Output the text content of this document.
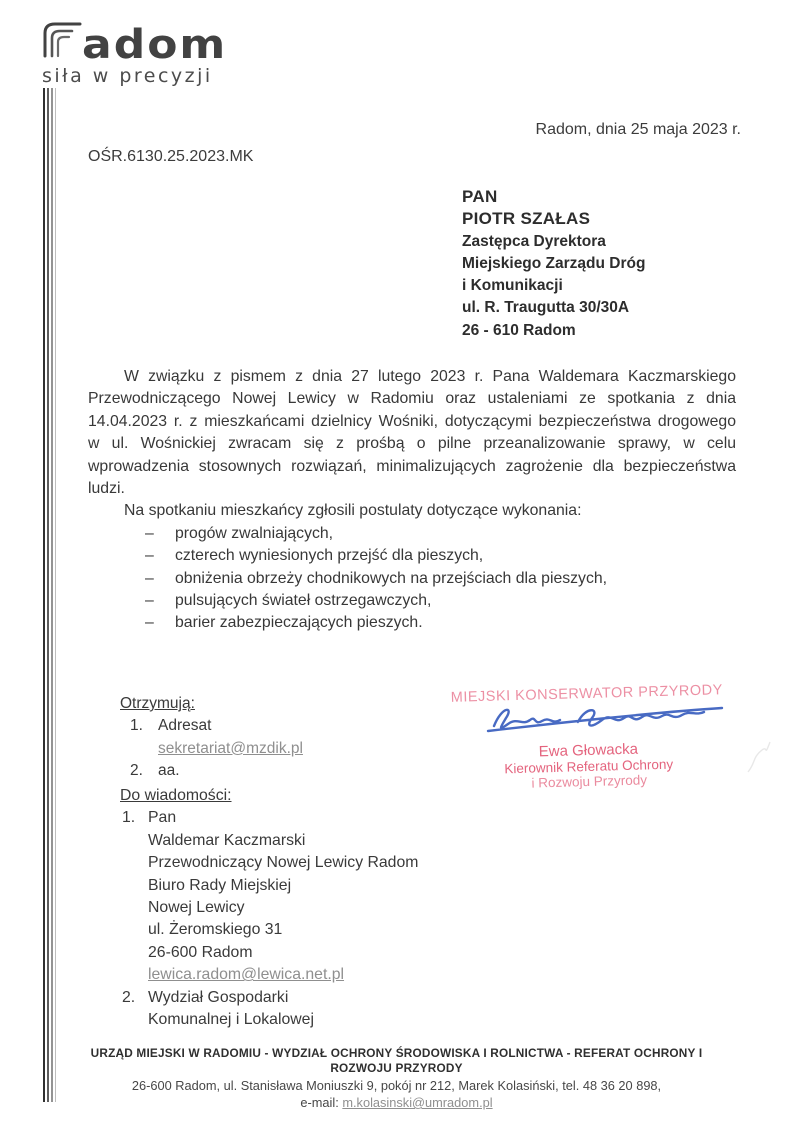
adom
siła w precyzji
Radom, dnia 25 maja 2023 r.
OŚR.6130.25.2023.MK
PAN
PIOTR SZAŁAS
Zastępca Dyrektora
Miejskiego Zarządu Dróg
i Komunikacji
ul. R. Traugutta 30/30A
26 - 610 Radom

W związku z pismem z dnia 27 lutego 2023 r. Pana Waldemara Kaczmarskiego Przewodniczącego Nowej Lewicy w Radomiu oraz ustaleniami ze spotkania z dnia 14.04.2023 r. z mieszkańcami dzielnicy Wośniki, dotyczącymi bezpieczeństwa drogowego w ul. Wośnickiej zwracam się z prośbą o pilne przeanalizowanie sprawy, w celu wprowadzenia stosownych rozwiązań, minimalizujących zagrożenie dla bezpieczeństwa ludzi.

Na spotkaniu mieszkańcy zgłosili postulaty dotyczące wykonania:

–	progów zwalniających,
–	czterech wyniesionych przejść dla pieszych,
–	obniżenia obrzeży chodnikowych na przejściach dla pieszych,
–	pulsujących świateł ostrzegawczych,
–	barier zabezpieczających pieszych.
Otrzymują:
1. Adresat
sekretariat@mzdik.pl
2. aa.
MIEJSKI KONSERWATOR PRZYRODY
Ewa Głowacka
Kierownik Referatu Ochrony
i Rozwoju Przyrody
Do wiadomości:
1. Pan
Waldemar Kaczmarski
Przewodniczący Nowej Lewicy Radom
Biuro Rady Miejskiej
Nowej Lewicy
ul. Żeromskiego 31
26-600 Radom
lewica.radom@lewica.net.pl
2. Wydział Gospodarki
Komunalnej i Lokalowej
URZĄD MIEJSKI W RADOMIU - WYDZIAŁ OCHRONY ŚRODOWISKA I ROLNICTWA - REFERAT OCHRONY I ROZWOJU PRZYRODY
26-600 Radom, ul. Stanisława Moniuszki 9, pokój nr 212, Marek Kolasiński, tel. 48 36 20 898,
e-mail: m.kolasinski@umradom.pl
